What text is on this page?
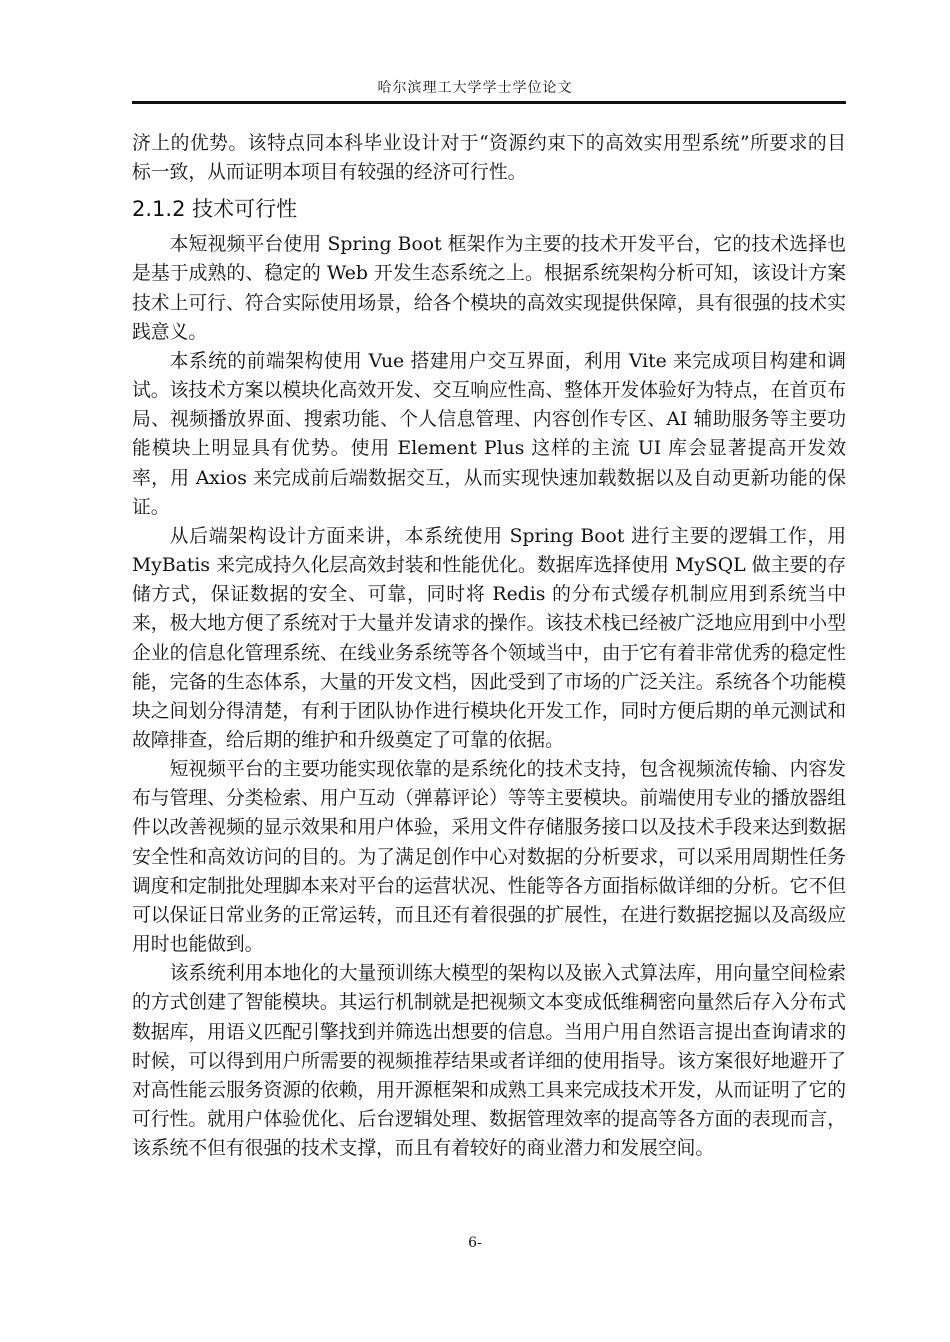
哈尔滨理工大学学士学位论文

济上的优势。该特点同本科毕业设计对于“资源约束下的高效实用型系统”所要求的目标一致，从而证明本项目有较强的经济可行性。

2.1.2 技术可行性

本短视频平台使用 Spring Boot 框架作为主要的技术开发平台，它的技术选择也是基于成熟的、稳定的 Web 开发生态系统之上。根据系统架构分析可知，该设计方案技术上可行、符合实际使用场景，给各个模块的高效实现提供保障，具有很强的技术实践意义。

本系统的前端架构使用 Vue 搭建用户交互界面，利用 Vite 来完成项目构建和调试。该技术方案以模块化高效开发、交互响应性高、整体开发体验好为特点，在首页布局、视频播放界面、搜索功能、个人信息管理、内容创作专区、AI 辅助服务等主要功能模块上明显具有优势。使用 Element Plus 这样的主流 UI 库会显著提高开发效率，用 Axios 来完成前后端数据交互，从而实现快速加载数据以及自动更新功能的保证。

从后端架构设计方面来讲，本系统使用 Spring Boot 进行主要的逻辑工作，用 MyBatis 来完成持久化层高效封装和性能优化。数据库选择使用 MySQL 做主要的存储方式，保证数据的安全、可靠，同时将 Redis 的分布式缓存机制应用到系统当中来，极大地方便了系统对于大量并发请求的操作。该技术栈已经被广泛地应用到中小型企业的信息化管理系统、在线业务系统等各个领域当中，由于它有着非常优秀的稳定性能，完备的生态体系，大量的开发文档，因此受到了市场的广泛关注。系统各个功能模块之间划分得清楚，有利于团队协作进行模块化开发工作，同时方便后期的单元测试和故障排查，给后期的维护和升级奠定了可靠的依据。

短视频平台的主要功能实现依靠的是系统化的技术支持，包含视频流传输、内容发布与管理、分类检索、用户互动（弹幕评论）等等主要模块。前端使用专业的播放器组件以改善视频的显示效果和用户体验，采用文件存储服务接口以及技术手段来达到数据安全性和高效访问的目的。为了满足创作中心对数据的分析要求，可以采用周期性任务调度和定制批处理脚本来对平台的运营状况、性能等各方面指标做详细的分析。它不但可以保证日常业务的正常运转，而且还有着很强的扩展性，在进行数据挖掘以及高级应用时也能做到。

该系统利用本地化的大量预训练大模型的架构以及嵌入式算法库，用向量空间检索的方式创建了智能模块。其运行机制就是把视频文本变成低维稠密向量然后存入分布式数据库，用语义匹配引擎找到并筛选出想要的信息。当用户用自然语言提出查询请求的时候，可以得到用户所需要的视频推荐结果或者详细的使用指导。该方案很好地避开了对高性能云服务资源的依赖，用开源框架和成熟工具来完成技术开发，从而证明了它的可行性。就用户体验优化、后台逻辑处理、数据管理效率的提高等各方面的表现而言，该系统不但有很强的技术支撑，而且有着较好的商业潜力和发展空间。

6-
